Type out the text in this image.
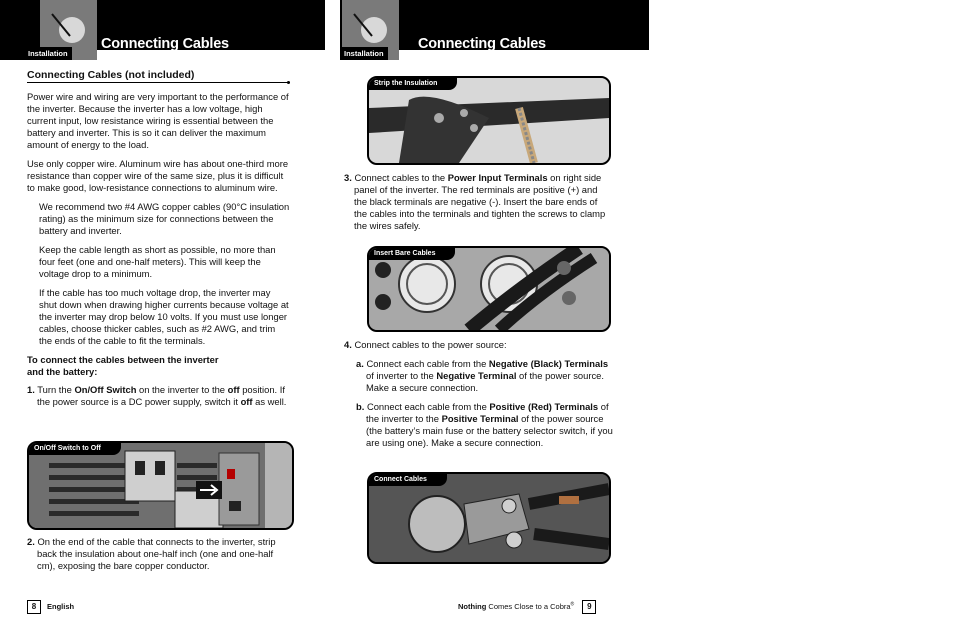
Installation
Connecting Cables
Connecting Cables (not included)

Power wire and wiring are very important to the performance of the inverter. Because the inverter has a low voltage, high current input, low resistance wiring is essential between the battery and inverter. This is so it can deliver the maximum amount of energy to the load.

Use only copper wire. Aluminum wire has about one-third more resistance than copper wire of the same size, plus it is difficult to make good, low-resistance connections to aluminum wire.

We recommend two #4 AWG copper cables (90°C insulation rating) as the minimum size for connections between the battery and inverter.

Keep the cable length as short as possible, no more than four feet (one and one-half meters). This will keep the voltage drop to a minimum.

If the cable has too much voltage drop, the inverter may shut down when drawing higher currents because voltage at the inverter may drop below 10 volts. If you must use longer cables, choose thicker cables, such as #2 AWG, and trim the ends of the cable to fit the terminals.

To connect the cables between the inverter
and the battery:

1. Turn the On/Off Switch on the inverter to the off position. If the power source is a DC power supply, switch it off as well.

On/Off Switch to Off

2. On the end of the cable that connects to the inverter, strip back the insulation about one-half inch (one and one-half cm), exposing the bare copper conductor.

8 English
Installation
Connecting Cables
Strip the Insulation

3. Connect cables to the Power Input Terminals on right side panel of the inverter. The red terminals are positive (+) and the black terminals are negative (-). Insert the bare ends of the cables into the terminals and tighten the screws to clamp the wires safely.

Insert Bare Cables

4. Connect cables to the power source:

a. Connect each cable from the Negative (Black) Terminals of inverter to the Negative Terminal of the power source. Make a secure connection.

b. Connect each cable from the Positive (Red) Terminals of the inverter to the Positive Terminal of the power source (the battery’s main fuse or the battery selector switch, if you are using one). Make a secure connection.

Connect Cables
Nothing Comes Close to a Cobra® 9
